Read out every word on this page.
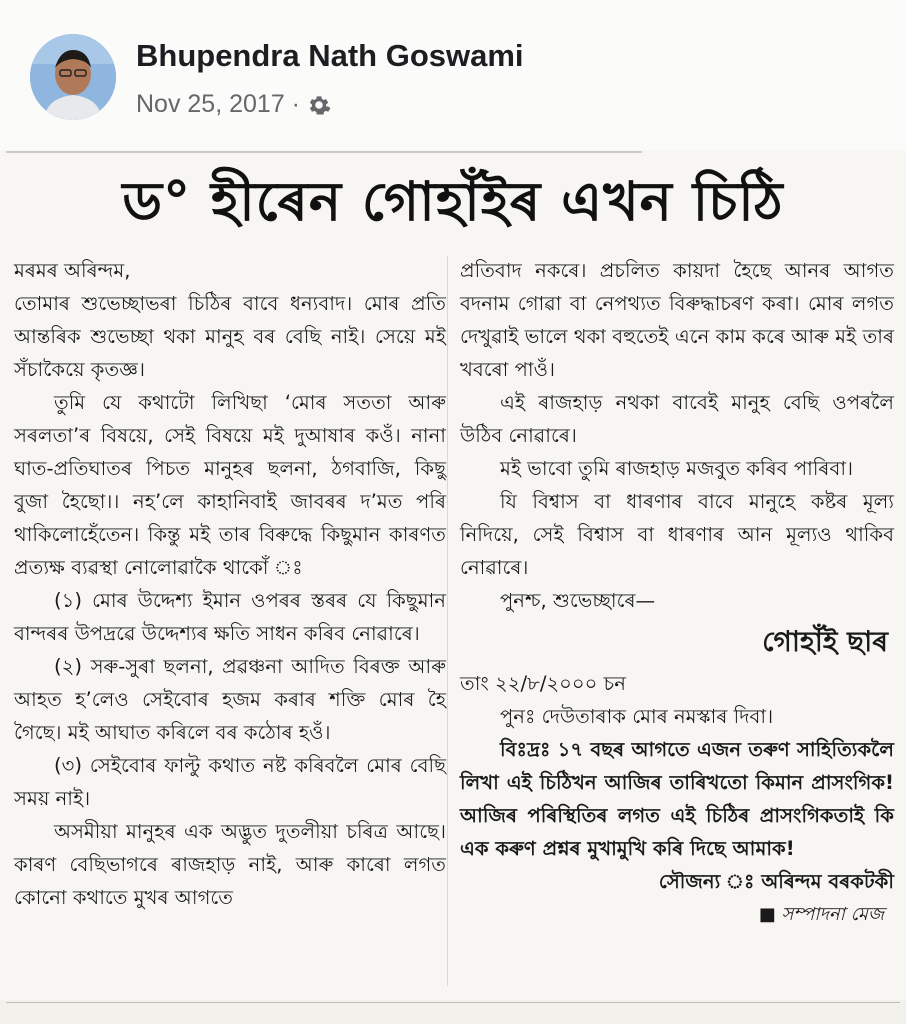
Bhupendra Nath Goswami
Nov 25, 2017 ·
ড° হীৰেন গোহাঁইৰ এখন চিঠি

মৰমৰ অৰিন্দম,

তোমাৰ শুভেচ্ছাভৰা চিঠিৰ বাবে ধন্যবাদ। মোৰ প্ৰতি আন্তৰিক শুভেচ্ছা থকা মানুহ বৰ বেছি নাই। সেয়ে মই সঁচাকৈয়ে কৃতজ্ঞ।

তুমি যে কথাটো লিখিছা ‘মোৰ সততা আৰু সৰলতা’ৰ বিষয়ে, সেই বিষয়ে মই দুআষাৰ কওঁ। নানা ঘাত-প্ৰতিঘাতৰ পিচত মানুহৰ ছলনা, ঠগবাজি, কিছু বুজা হৈছো।। নহ’লে কাহানিবাই জাবৰৰ দ’মত পৰি থাকিলোহেঁতেন। কিন্তু মই তাৰ বিৰুদ্ধে কিছুমান কাৰণত প্ৰত্যক্ষ ব্যৱস্থা নোলোৱাকৈ থাকোঁ ঃ

(১) মোৰ উদ্দেশ্য ইমান ওপৰৰ স্তৰৰ যে কিছুমান বান্দৰৰ উপদ্ৰৱে উদ্দেশ্যৰ ক্ষতি সাধন কৰিব নোৱাৰে।

(২) সৰু-সুৰা ছলনা, প্ৰৱঞ্চনা আদিত বিৰক্ত আৰু আহত হ’লেও সেইবোৰ হজম কৰাৰ শক্তি মোৰ হৈ গৈছে। মই আঘাত কৰিলে বৰ কঠোৰ হওঁ।

(৩) সেইবোৰ ফাল্টু কথাত নষ্ট কৰিবলৈ মোৰ বেছি সময় নাই।

অসমীয়া মানুহৰ এক অদ্ভুত দুতলীয়া চৰিত্ৰ আছে। কাৰণ বেছিভাগৰে ৰাজহাড় নাই, আৰু কাৰো লগত কোনো কথাতে মুখৰ আগতে

প্ৰতিবাদ নকৰে। প্ৰচলিত কায়দা হৈছে আনৰ আগত বদনাম গোৱা বা নেপথ্যত বিৰুদ্ধাচৰণ কৰা। মোৰ লগত দেখুৱাই ভালে থকা বহুতেই এনে কাম কৰে আৰু মই তাৰ খবৰো পাওঁ।

এই ৰাজহাড় নথকা বাবেই মানুহ বেছি ওপৰলৈ উঠিব নোৱাৰে।

মই ভাবো তুমি ৰাজহাড় মজবুত কৰিব পাৰিবা।

যি বিশ্বাস বা ধাৰণাৰ বাবে মানুহে কষ্টৰ মূল্য নিদিয়ে, সেই বিশ্বাস বা ধাৰণাৰ আন মূল্যও থাকিব নোৱাৰে।

পুনশ্চ, শুভেচ্ছাৰে—

গোহাঁই ছাৰ

তাং ২২/৮/২০০০ চন

পুনঃ দেউতাৰাক মোৰ নমস্কাৰ দিবা।

বিঃদ্ৰঃ ১৭ বছৰ আগতে এজন তৰুণ সাহিত্যিকলৈ লিখা এই চিঠিখন আজিৰ তাৰিখতো কিমান প্ৰাসংগিক! আজিৰ পৰিস্থিতিৰ লগত এই চিঠিৰ প্ৰাসংগিকতাই কি এক কৰুণ প্ৰশ্নৰ মুখামুখি কৰি দিছে আমাক!

সৌজন্য ঃ অৰিন্দম বৰকটকী

■ সম্পাদনা মেজ
